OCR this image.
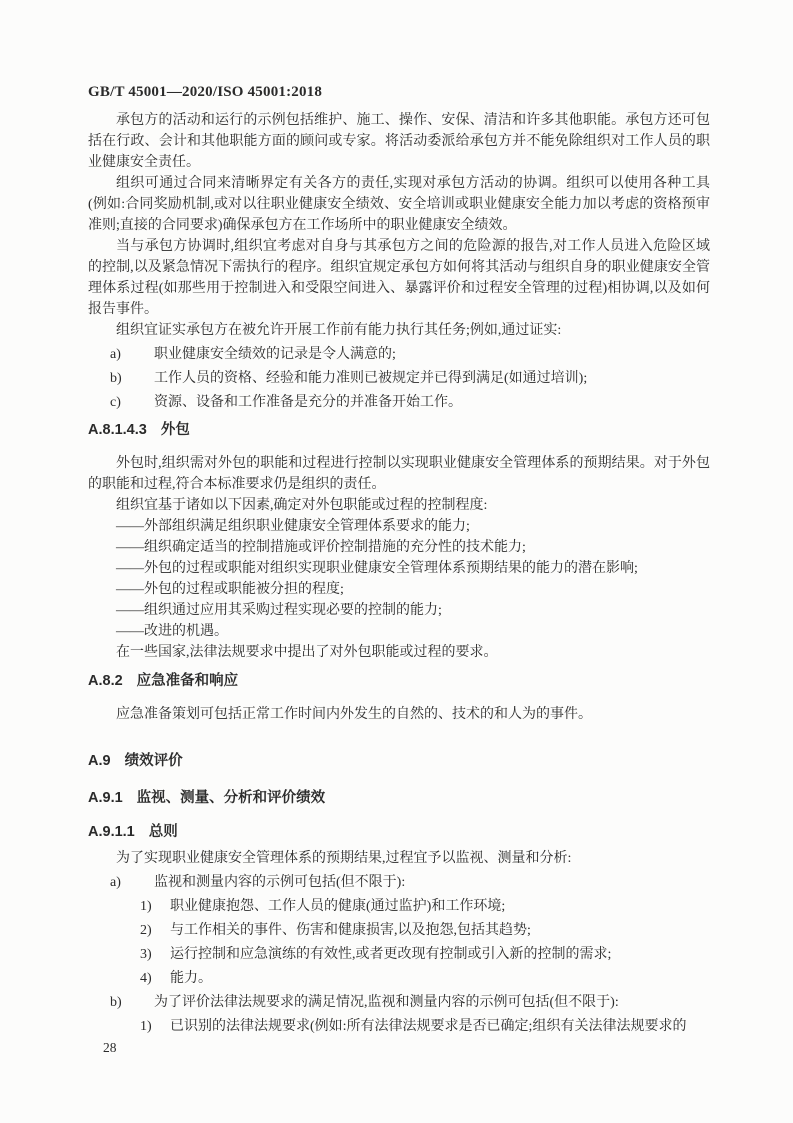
GB/T 45001—2020/ISO 45001:2018

承包方的活动和运行的示例包括维护、施工、操作、安保、清洁和许多其他职能。承包方还可包括在行政、会计和其他职能方面的顾问或专家。将活动委派给承包方并不能免除组织对工作人员的职业健康安全责任。

组织可通过合同来清晰界定有关各方的责任,实现对承包方活动的协调。组织可以使用各种工具(例如:合同奖励机制,或对以往职业健康安全绩效、安全培训或职业健康安全能力加以考虑的资格预审准则;直接的合同要求)确保承包方在工作场所中的职业健康安全绩效。

当与承包方协调时,组织宜考虑对自身与其承包方之间的危险源的报告,对工作人员进入危险区域的控制,以及紧急情况下需执行的程序。组织宜规定承包方如何将其活动与组织自身的职业健康安全管理体系过程(如那些用于控制进入和受限空间进入、暴露评价和过程安全管理的过程)相协调,以及如何报告事件。

组织宜证实承包方在被允许开展工作前有能力执行其任务;例如,通过证实:

a)	职业健康安全绩效的记录是令人满意的;
b)	工作人员的资格、经验和能力准则已被规定并已得到满足(如通过培训);
c)	资源、设备和工作准备是充分的并准备开始工作。
A.8.1.4.3 外包

外包时,组织需对外包的职能和过程进行控制以实现职业健康安全管理体系的预期结果。对于外包的职能和过程,符合本标准要求仍是组织的责任。

组织宜基于诸如以下因素,确定对外包职能或过程的控制程度:

——外部组织满足组织职业健康安全管理体系要求的能力;

——组织确定适当的控制措施或评价控制措施的充分性的技术能力;

——外包的过程或职能对组织实现职业健康安全管理体系预期结果的能力的潜在影响;

——外包的过程或职能被分担的程度;

——组织通过应用其采购过程实现必要的控制的能力;

——改进的机遇。

在一些国家,法律法规要求中提出了对外包职能或过程的要求。

A.8.2 应急准备和响应

应急准备策划可包括正常工作时间内外发生的自然的、技术的和人为的事件。

A.9 绩效评价
A.9.1 监视、测量、分析和评价绩效
A.9.1.1 总则

为了实现职业健康安全管理体系的预期结果,过程宜予以监视、测量和分析:

a)	监视和测量内容的示例可包括(但不限于):
1)	职业健康抱怨、工作人员的健康(通过监护)和工作环境;
2)	与工作相关的事件、伤害和健康损害,以及抱怨,包括其趋势;
3)	运行控制和应急演练的有效性,或者更改现有控制或引入新的控制的需求;
4)	能力。
b)	为了评价法律法规要求的满足情况,监视和测量内容的示例可包括(但不限于):
1)	已识别的法律法规要求(例如:所有法律法规要求是否已确定;组织有关法律法规要求的
28
